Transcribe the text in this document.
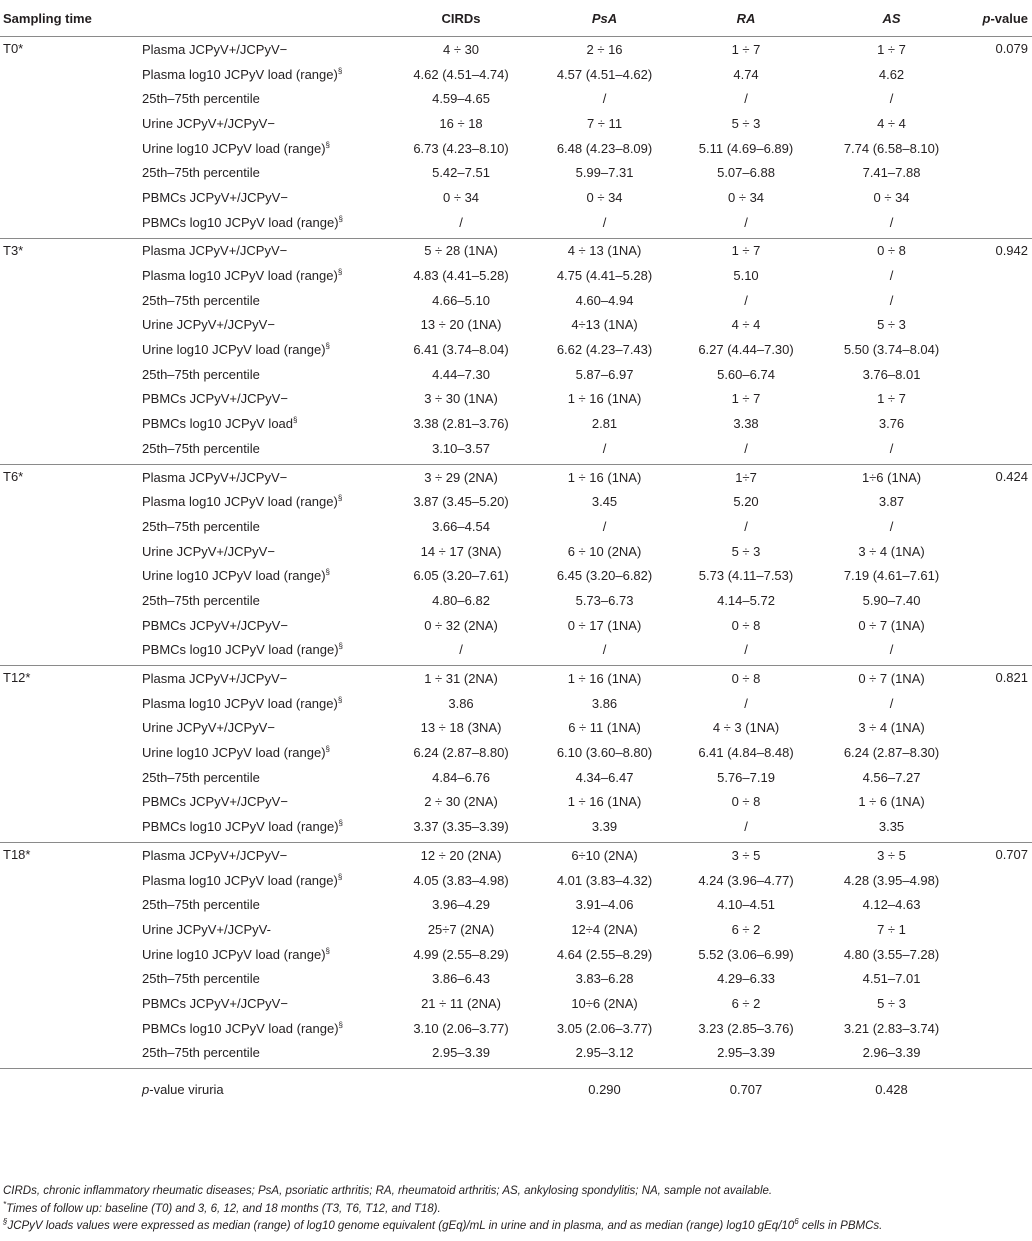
Sampling time		CIRDs	PsA	RA	AS	p-value
T0*	Plasma JCPyV+/JCPyV−	4 ÷ 30	2 ÷ 16	1 ÷ 7	1 ÷ 7	0.079
	Plasma log10 JCPyV load (range)§	4.62 (4.51–4.74)	4.57 (4.51–4.62)	4.74	4.62	
	25th–75th percentile	4.59–4.65	/	/	/	
	Urine JCPyV+/JCPyV−	16 ÷ 18	7 ÷ 11	5 ÷ 3	4 ÷ 4	
	Urine log10 JCPyV load (range)§	6.73 (4.23–8.10)	6.48 (4.23–8.09)	5.11 (4.69–6.89)	7.74 (6.58–8.10)	
	25th–75th percentile	5.42–7.51	5.99–7.31	5.07–6.88	7.41–7.88	
	PBMCs JCPyV+/JCPyV−	0 ÷ 34	0 ÷ 34	0 ÷ 34	0 ÷ 34	
	PBMCs log10 JCPyV load (range)§	/	/	/	/	
T3*	Plasma JCPyV+/JCPyV−	5 ÷ 28 (1NA)	4 ÷ 13 (1NA)	1 ÷ 7	0 ÷ 8	0.942
	Plasma log10 JCPyV load (range)§	4.83 (4.41–5.28)	4.75 (4.41–5.28)	5.10	/	
	25th–75th percentile	4.66–5.10	4.60–4.94	/	/	
	Urine JCPyV+/JCPyV−	13 ÷ 20 (1NA)	4÷13 (1NA)	4 ÷ 4	5 ÷ 3	
	Urine log10 JCPyV load (range)§	6.41 (3.74–8.04)	6.62 (4.23–7.43)	6.27 (4.44–7.30)	5.50 (3.74–8.04)	
	25th–75th percentile	4.44–7.30	5.87–6.97	5.60–6.74	3.76–8.01	
	PBMCs JCPyV+/JCPyV−	3 ÷ 30 (1NA)	1 ÷ 16 (1NA)	1 ÷ 7	1 ÷ 7	
	PBMCs log10 JCPyV load§	3.38 (2.81–3.76)	2.81	3.38	3.76	
	25th–75th percentile	3.10–3.57	/	/	/	
T6*	Plasma JCPyV+/JCPyV−	3 ÷ 29 (2NA)	1 ÷ 16 (1NA)	1÷7	1÷6 (1NA)	0.424
	Plasma log10 JCPyV load (range)§	3.87 (3.45–5.20)	3.45	5.20	3.87	
	25th–75th percentile	3.66–4.54	/	/	/	
	Urine JCPyV+/JCPyV−	14 ÷ 17 (3NA)	6 ÷ 10 (2NA)	5 ÷ 3	3 ÷ 4 (1NA)	
	Urine log10 JCPyV load (range)§	6.05 (3.20–7.61)	6.45 (3.20–6.82)	5.73 (4.11–7.53)	7.19 (4.61–7.61)	
	25th–75th percentile	4.80–6.82	5.73–6.73	4.14–5.72	5.90–7.40	
	PBMCs JCPyV+/JCPyV−	0 ÷ 32 (2NA)	0 ÷ 17 (1NA)	0 ÷ 8	0 ÷ 7 (1NA)	
	PBMCs log10 JCPyV load (range)§	/	/	/	/	
T12*	Plasma JCPyV+/JCPyV−	1 ÷ 31 (2NA)	1 ÷ 16 (1NA)	0 ÷ 8	0 ÷ 7 (1NA)	0.821
	Plasma log10 JCPyV load (range)§	3.86	3.86	/	/	
	Urine JCPyV+/JCPyV−	13 ÷ 18 (3NA)	6 ÷ 11 (1NA)	4 ÷ 3 (1NA)	3 ÷ 4 (1NA)	
	Urine log10 JCPyV load (range)§	6.24 (2.87–8.80)	6.10 (3.60–8.80)	6.41 (4.84–8.48)	6.24 (2.87–8.30)	
	25th–75th percentile	4.84–6.76	4.34–6.47	5.76–7.19	4.56–7.27	
	PBMCs JCPyV+/JCPyV−	2 ÷ 30 (2NA)	1 ÷ 16 (1NA)	0 ÷ 8	1 ÷ 6 (1NA)	
	PBMCs log10 JCPyV load (range)§	3.37 (3.35–3.39)	3.39	/	3.35	
T18*	Plasma JCPyV+/JCPyV−	12 ÷ 20 (2NA)	6÷10 (2NA)	3 ÷ 5	3 ÷ 5	0.707
	Plasma log10 JCPyV load (range)§	4.05 (3.83–4.98)	4.01 (3.83–4.32)	4.24 (3.96–4.77)	4.28 (3.95–4.98)	
	25th–75th percentile	3.96–4.29	3.91–4.06	4.10–4.51	4.12–4.63	
	Urine JCPyV+/JCPyV-	25÷7 (2NA)	12÷4 (2NA)	6 ÷ 2	7 ÷ 1	
	Urine log10 JCPyV load (range)§	4.99 (2.55–8.29)	4.64 (2.55–8.29)	5.52 (3.06–6.99)	4.80 (3.55–7.28)	
	25th–75th percentile	3.86–6.43	3.83–6.28	4.29–6.33	4.51–7.01	
	PBMCs JCPyV+/JCPyV−	21 ÷ 11 (2NA)	10÷6 (2NA)	6 ÷ 2	5 ÷ 3	
	PBMCs log10 JCPyV load (range)§	3.10 (2.06–3.77)	3.05 (2.06–3.77)	3.23 (2.85–3.76)	3.21 (2.83–3.74)	
	25th–75th percentile	2.95–3.39	2.95–3.12	2.95–3.39	2.96–3.39	
	p-value viruria		0.290	0.707	0.428	
CIRDs, chronic inflammatory rheumatic diseases; PsA, psoriatic arthritis; RA, rheumatoid arthritis; AS, ankylosing spondylitis; NA, sample not available.
*Times of follow up: baseline (T0) and 3, 6, 12, and 18 months (T3, T6, T12, and T18).
§JCPyV loads values were expressed as median (range) of log10 genome equivalent (gEq)/mL in urine and in plasma, and as median (range) log10 gEq/$10^6$ cells in PBMCs.
